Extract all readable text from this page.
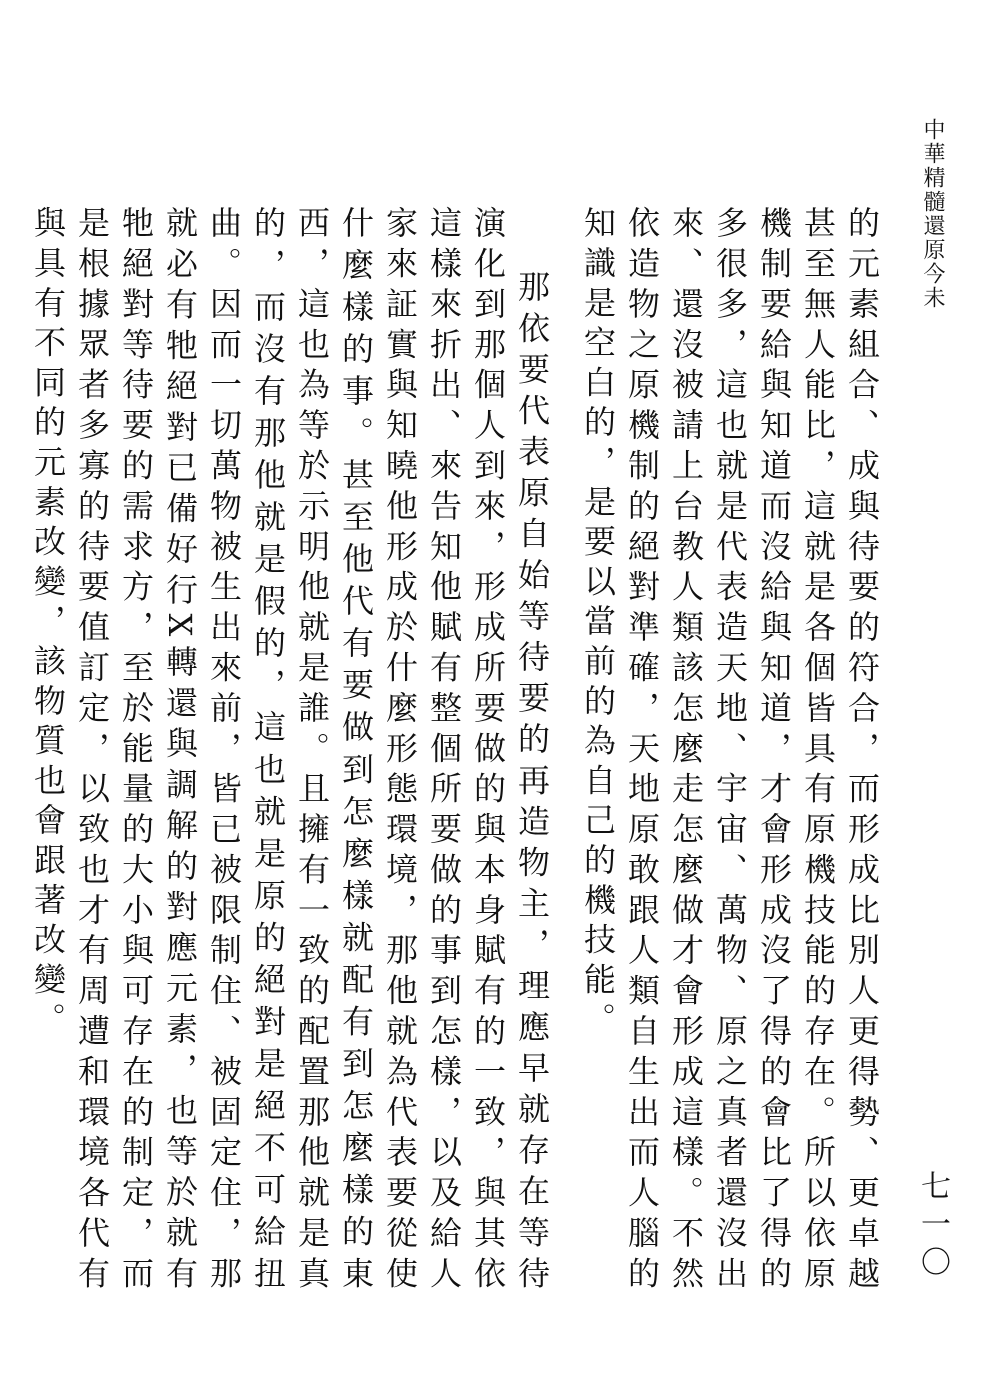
中華精髓還原今未
七一〇

的元素組合、成與待要的符合，而形成比別人更得勢、更卓越甚至無人能比，這就是各個皆具有原機技能的存在。所以依原機制要給與知道而沒給與知道，才會形成沒了得的會比了得的多很多，這也就是代表造天地、宇宙、萬物、原之真者還沒出來、還沒被請上台教人類該怎麼走怎麼做才會形成這樣。不然依造物之原機制的絕對準確，天地原敢跟人類自生出而人腦的知識是空白的，是要以當前的為自己的機技能。

那依要代表原自始等待要的再造物主，理應早就存在等待演化到那個人到來，形成所要做的與本身賦有的一致，與其依這樣來折出、來告知他賦有整個所要做的事到怎樣，以及給人家來証實與知曉他形成於什麼形態環境，那他就為代表要從使什麼樣的事。甚至他代有要做到怎麼樣就配有到怎麼樣的東西，這也為等於示明他就是誰。且擁有一致的配置那他就是真的，而沒有那他就是假的，這也就是原的絕對是絕不可給扭曲。因而一切萬物被生出來前，皆已被限制住、被固定住，那就必有牠絕對已備好行X轉還與調解的對應元素，也等於就有牠絕對等待要的需求方，至於能量的大小與可存在的制定，而是根據眾者多寡的待要值訂定，以致也才有周遭和環境各代有與具有不同的元素改變，該物質也會跟著改變。
